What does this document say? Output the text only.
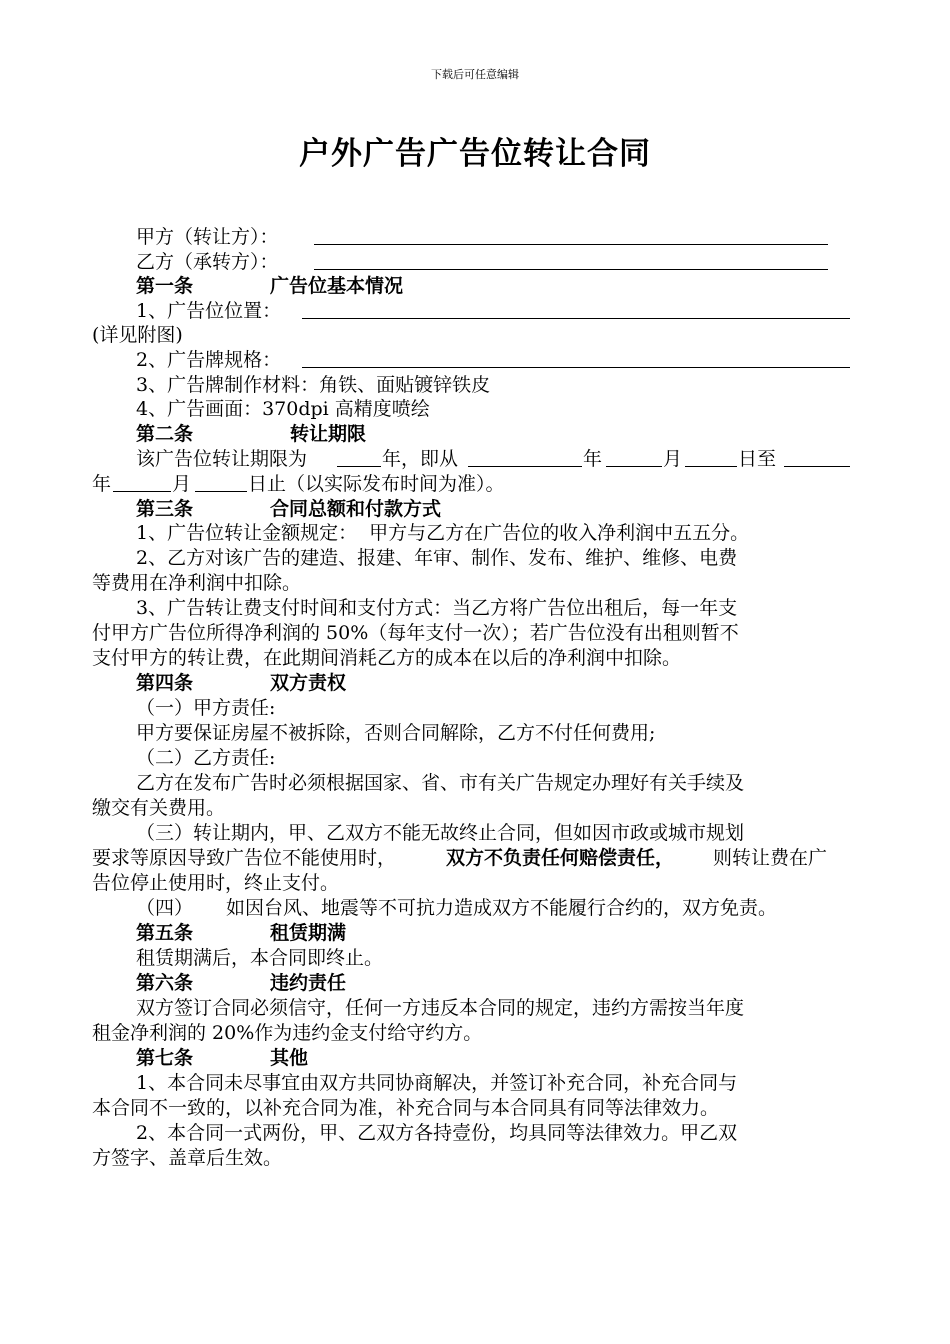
下载后可任意编辑
户外广告广告位转让合同
甲方（转让方）：
乙方（承转方）：
第一条	广告位基本情况
1、广告位位置：
(详见附图)
2、广告牌规格：
3、广告牌制作材料：角铁、面贴镀锌铁皮
4、广告画面：370dpi 高精度喷绘
第二条	转让期限
该广告位转让期限为	年，即从	年	月	日至
年	月	日止（以实际发布时间为准）。
第三条	合同总额和付款方式
1、广告位转让金额规定：  甲方与乙方在广告位的收入净利润中五五分。
2、乙方对该广告的建造、报建、年审、制作、发布、维护、维修、电费
等费用在净利润中扣除。
3、广告转让费支付时间和支付方式：当乙方将广告位出租后，每一年支
付甲方广告位所得净利润的 50%（每年支付一次）；若广告位没有出租则暂不
支付甲方的转让费，在此期间消耗乙方的成本在以后的净利润中扣除。
第四条	双方责权
（一）甲方责任:
甲方要保证房屋不被拆除，否则合同解除，乙方不付任何费用;
（二）乙方责任:
乙方在发布广告时必须根据国家、省、市有关广告规定办理好有关手续及
缴交有关费用。
（三）转让期内，甲、乙双方不能无故终止合同，但如因市政或城市规划
要求等原因导致广告位不能使用时，	双方不负责任何赔偿责任， 则转让费在广
告位停止使用时，终止支付。
（四） 如因台风、地震等不可抗力造成双方不能履行合约的，双方免责。
第五条	租赁期满
租赁期满后，本合同即终止。
第六条	违约责任
双方签订合同必须信守，任何一方违反本合同的规定，违约方需按当年度
租金净利润的 20%作为违约金支付给守约方。
第七条	其他
1、本合同未尽事宜由双方共同协商解决，并签订补充合同，补充合同与
本合同不一致的，以补充合同为准，补充合同与本合同具有同等法律效力。
2、本合同一式两份，甲、乙双方各持壹份，均具同等法律效力。甲乙双
方签字、盖章后生效。
